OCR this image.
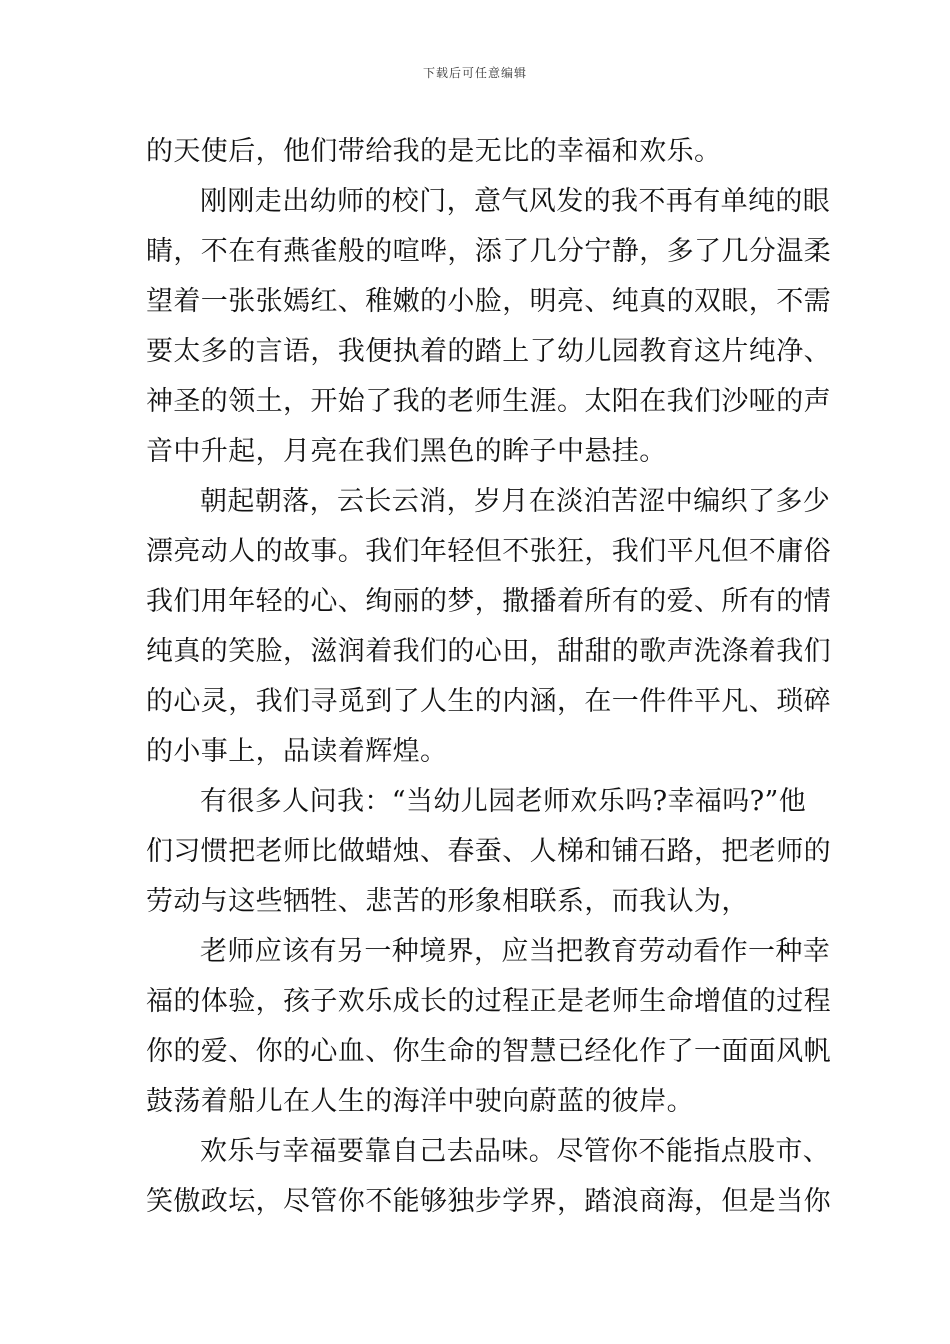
下载后可任意编辑
的天使后，他们带给我的是无比的幸福和欢乐。
刚刚走出幼师的校门，意气风发的我不再有单纯的眼
睛，不在有燕雀般的喧哗，添了几分宁静，多了几分温柔
望着一张张嫣红、稚嫩的小脸，明亮、纯真的双眼，不需
要太多的言语，我便执着的踏上了幼儿园教育这片纯净、
神圣的领土，开始了我的老师生涯。太阳在我们沙哑的声
音中升起，月亮在我们黑色的眸子中悬挂。
朝起朝落，云长云消，岁月在淡泊苦涩中编织了多少
漂亮动人的故事。我们年轻但不张狂，我们平凡但不庸俗
我们用年轻的心、绚丽的梦，撒播着所有的爱、所有的情
纯真的笑脸，滋润着我们的心田，甜甜的歌声洗涤着我们
的心灵，我们寻觅到了人生的内涵，在一件件平凡、琐碎
的小事上，品读着辉煌。
有很多人问我：“当幼儿园老师欢乐吗?幸福吗?”他
们习惯把老师比做蜡烛、春蚕、人梯和铺石路，把老师的
劳动与这些牺牲、悲苦的形象相联系，而我认为，
老师应该有另一种境界，应当把教育劳动看作一种幸
福的体验，孩子欢乐成长的过程正是老师生命增值的过程
你的爱、你的心血、你生命的智慧已经化作了一面面风帆
鼓荡着船儿在人生的海洋中驶向蔚蓝的彼岸。
欢乐与幸福要靠自己去品味。尽管你不能指点股市、
笑傲政坛，尽管你不能够独步学界，踏浪商海，但是当你
